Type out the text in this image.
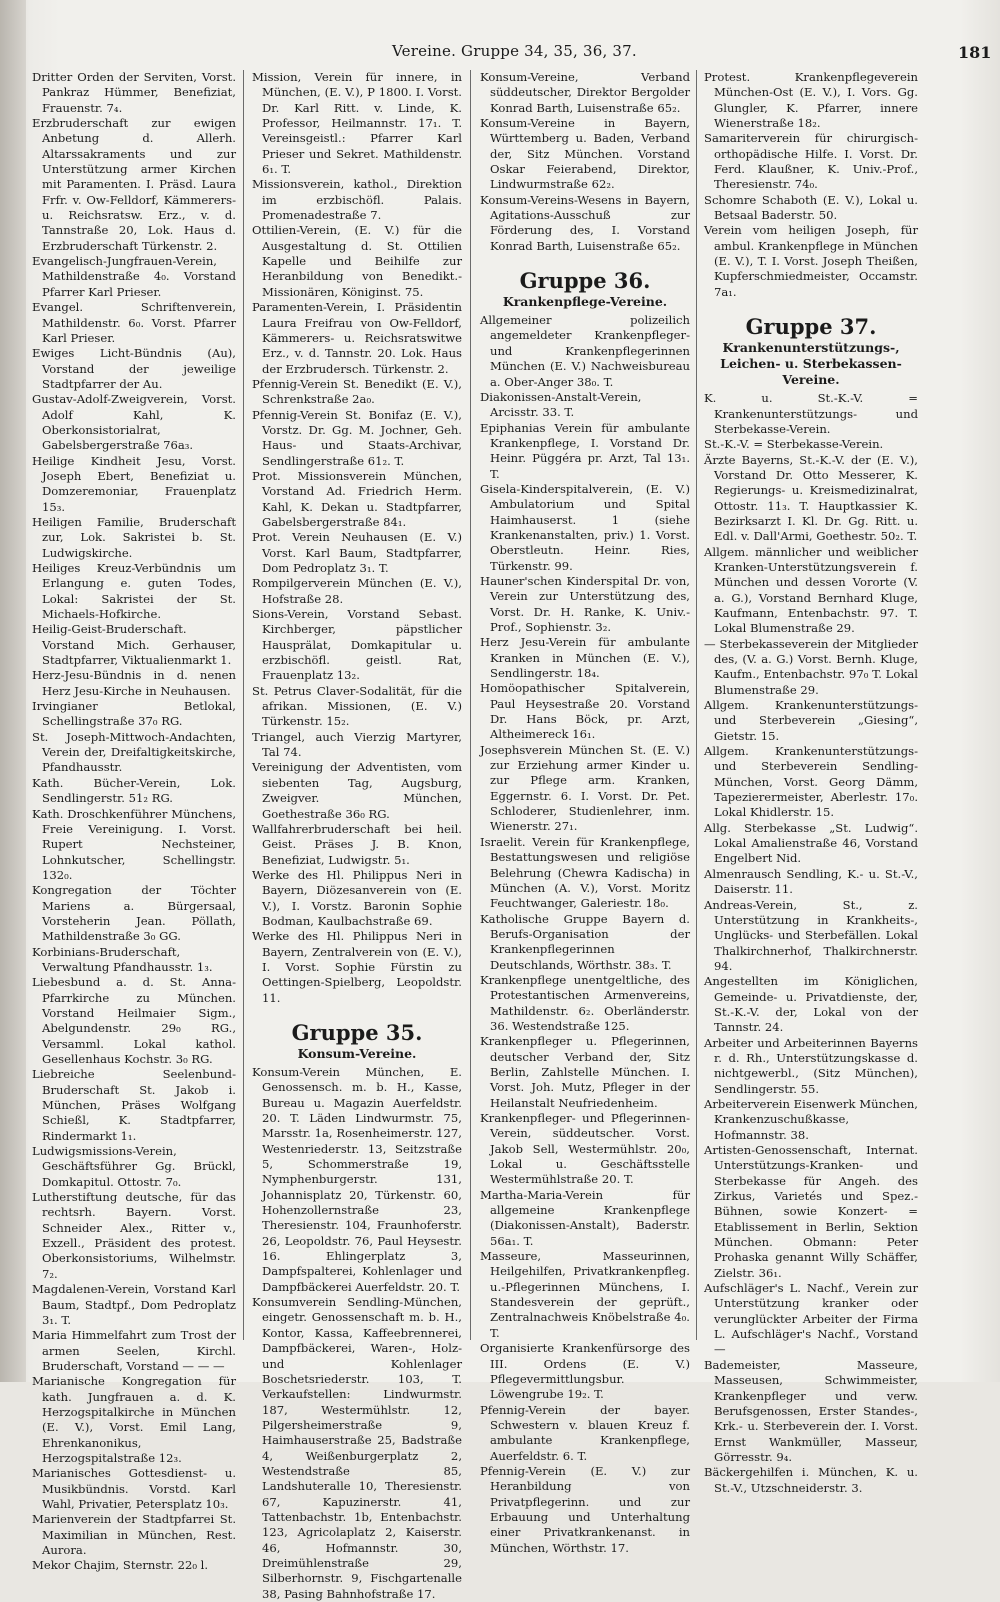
Vereine. Gruppe 34, 35, 36, 37.	181

Dritter Orden der Serviten, Vorst. Pankraz Hümmer, Benefiziat, Frauenstr. 7₄.

Erzbruderschaft zur ewigen Anbetung d. Allerh. Altarssakraments und zur Unterstützung armer Kirchen mit Paramenten. I. Präsd. Laura Frfr. v. Ow-Felldorf, Kämmerers- u. Reichsratsw. Erz., v. d. Tannstraße 20, Lok. Haus d. Erzbruderschaft Türkenstr. 2.

Evangelisch-Jungfrauen-Verein, Mathildenstraße 4₀. Vorstand Pfarrer Karl Prieser.

Evangel. Schriftenverein, Mathildenstr. 6₀. Vorst. Pfarrer Karl Prieser.

Ewiges Licht-Bündnis (Au), Vorstand der jeweilige Stadtpfarrer der Au.

Gustav-Adolf-Zweigverein, Vorst. Adolf Kahl, K. Oberkonsistorialrat, Gabelsbergerstraße 76a₃.

Heilige Kindheit Jesu, Vorst. Joseph Ebert, Benefiziat u. Domzeremoniar, Frauenplatz 15₃.

Heiligen Familie, Bruderschaft zur, Lok. Sakristei b. St. Ludwigskirche.

Heiliges Kreuz-Verbündnis um Erlangung e. guten Todes, Lokal: Sakristei der St. Michaels-Hofkirche.

Heilig-Geist-Bruderschaft. Vorstand Mich. Gerhauser, Stadtpfarrer, Viktualienmarkt 1.

Herz-Jesu-Bündnis in d. nenen Herz Jesu-Kirche in Neuhausen.

Irvingianer Betlokal, Schellingstraße 37₀ RG.

St. Joseph-Mittwoch-Andachten, Verein der, Dreifaltigkeitskirche, Pfandhausstr.

Kath. Bücher-Verein, Lok. Sendlingerstr. 51₂ RG.

Kath. Droschkenführer Münchens, Freie Vereinigung. I. Vorst. Rupert Nechsteiner, Lohnkutscher, Schellingstr. 132₀.

Kongregation der Töchter Mariens a. Bürgersaal, Vorsteherin Jean. Pöllath, Mathildenstraße 3₀ GG.

Korbinians-Bruderschaft, Verwaltung Pfandhausstr. 1₃.

Liebesbund a. d. St. Anna-Pfarrkirche zu München. Vorstand Heilmaier Sigm., Abelgundenstr. 29₀ RG., Versamml. Lokal kathol. Gesellenhaus Kochstr. 3₀ RG.

Liebreiche Seelenbund-Bruderschaft St. Jakob i. München, Präses Wolfgang Schießl, K. Stadtpfarrer, Rindermarkt 1₁.

Ludwigsmissions-Verein, Geschäftsführer Gg. Brückl, Domkapitul. Ottostr. 7₀.

Lutherstiftung deutsche, für das rechtsrh. Bayern. Vorst. Schneider Alex., Ritter v., Exzell., Präsident des protest. Oberkonsistoriums, Wilhelmstr. 7₂.

Magdalenen-Verein, Vorstand Karl Baum, Stadtpf., Dom Pedroplatz 3₁. T.

Maria Himmelfahrt zum Trost der armen Seelen, Kirchl. Bruderschaft, Vorstand — — —

Marianische Kongregation für kath. Jungfrauen a. d. K. Herzogspitalkirche in München (E. V.), Vorst. Emil Lang, Ehrenkanonikus, Herzogspitalstraße 12₃.

Marianisches Gottesdienst- u. Musikbündnis. Vorstd. Karl Wahl, Privatier, Petersplatz 10₃.

Marienverein der Stadtpfarrei St. Maximilian in München, Rest. Aurora.

Mekor Chajim, Sternstr. 22₀ l.

Mission, Verein für innere, in München, (E. V.), P 1800. I. Vorst. Dr. Karl Ritt. v. Linde, K. Professor, Heilmannstr. 17₁. T. Vereinsgeistl.: Pfarrer Karl Prieser und Sekret. Mathildenstr. 6₁. T.

Missionsverein, kathol., Direktion im erzbischöfl. Palais. Promenadestraße 7.

Ottilien-Verein, (E. V.) für die Ausgestaltung d. St. Ottilien Kapelle und Beihilfe zur Heranbildung von Benedikt.-Missionären, Königinst. 75.

Paramenten-Verein, I. Präsidentin Laura Freifrau von Ow-Felldorf, Kämmerers- u. Reichsratswitwe Erz., v. d. Tannstr. 20. Lok. Haus der Erzbrudersch. Türkenstr. 2.

Pfennig-Verein St. Benedikt (E. V.), Schrenkstraße 2a₀.

Pfennig-Verein St. Bonifaz (E. V.), Vorstz. Dr. Gg. M. Jochner, Geh. Haus- und Staats-Archivar, Sendlingerstraße 61₂. T.

Prot. Missionsverein München, Vorstand Ad. Friedrich Herm. Kahl, K. Dekan u. Stadtpfarrer, Gabelsbergerstraße 84₁.

Prot. Verein Neuhausen (E. V.) Vorst. Karl Baum, Stadtpfarrer, Dom Pedroplatz 3₁. T.

Rompilgerverein München (E. V.), Hofstraße 28.

Sions-Verein, Vorstand Sebast. Kirchberger, päpstlicher Hausprälat, Domkapitular u. erzbischöfl. geistl. Rat, Frauenplatz 13₂.

St. Petrus Claver-Sodalität, für die afrikan. Missionen, (E. V.) Türkenstr. 15₂.

Triangel, auch Vierzig Martyrer, Tal 74.

Vereinigung der Adventisten, vom siebenten Tag, Augsburg, Zweigver. München, Goethestraße 36₀ RG.

Wallfahrerbruderschaft bei heil. Geist. Präses J. B. Knon, Benefiziat, Ludwigstr. 5₁.

Werke des Hl. Philippus Neri in Bayern, Diözesanverein von (E. V.), I. Vorstz. Baronin Sophie Bodman, Kaulbachstraße 69.

Werke des Hl. Philippus Neri in Bayern, Zentralverein von (E. V.), I. Vorst. Sophie Fürstin zu Oettingen-Spielberg, Leopoldstr. 11.

Gruppe 35.
Konsum-Vereine.

Konsum-Verein München, E. Genossensch. m. b. H., Kasse, Bureau u. Magazin Auerfeldstr. 20. T. Läden Lindwurmstr. 75, Marsstr. 1a, Rosenheimerstr. 127, Westenriederstr. 13, Seitzstraße 5, Schommerstraße 19, Nymphenburgerstr. 131, Johannisplatz 20, Türkenstr. 60, Hohenzollernstraße 23, Theresienstr. 104, Fraunhoferstr. 26, Leopoldstr. 76, Paul Heysestr. 16. Ehlingerplatz 3, Dampfspalterei, Kohlenlager und Dampfbäckerei Auerfeldstr. 20. T.

Konsumverein Sendling-München, eingetr. Genossenschaft m. b. H., Kontor, Kassa, Kaffeebrennerei, Dampfbäckerei, Waren-, Holz- und Kohlenlager Boschetsriederstr. 103, T. Verkaufstellen: Lindwurmstr. 187, Westermühlstr. 12, Pilgersheimerstraße 9, Haimhauserstraße 25, Badstraße 4, Weißenburgerplatz 2, Westendstraße 85, Landshuteralle 10, Theresienstr. 67, Kapuzinerstr. 41, Tattenbachstr. 1b, Entenbachstr. 123, Agricolaplatz 2, Kaiserstr. 46, Hofmannstr. 30, Dreimühlenstraße 29, Silberhornstr. 9, Fischgartenalle 38, Pasing Bahnhofstraße 17.

Konsum-Vereine, Verband süddeutscher, Direktor Bergolder Konrad Barth, Luisenstraße 65₂.

Konsum-Vereine in Bayern, Württemberg u. Baden, Verband der, Sitz München. Vorstand Oskar Feierabend, Direktor, Lindwurmstraße 62₂.

Konsum-Vereins-Wesens in Bayern, Agitations-Ausschuß zur Förderung des, I. Vorstand Konrad Barth, Luisenstraße 65₂.

Gruppe 36.
Krankenpflege-Vereine.

Allgemeiner polizeilich angemeldeter Krankenpfleger- und Krankenpflegerinnen München (E. V.) Nachweisbureau a. Ober-Anger 38₀. T.

Diakonissen-Anstalt-Verein, Arcisstr. 33. T.

Epiphanias Verein für ambulante Krankenpflege, I. Vorstand Dr. Heinr. Püggéra pr. Arzt, Tal 13₁. T.

Gisela-Kinderspitalverein, (E. V.) Ambulatorium und Spital Haimhauserst. 1 (siehe Krankenanstalten, priv.) 1. Vorst. Oberstleutn. Heinr. Ries, Türkenstr. 99.

Hauner'schen Kinderspital Dr. von, Verein zur Unterstützung des, Vorst. Dr. H. Ranke, K. Univ.-Prof., Sophienstr. 3₂.

Herz Jesu-Verein für ambulante Kranken in München (E. V.), Sendlingerstr. 18₄.

Homöopathischer Spitalverein, Paul Heysestraße 20. Vorstand Dr. Hans Böck, pr. Arzt, Altheimereck 16₁.

Josephsverein München St. (E. V.) zur Erziehung armer Kinder u. zur Pflege arm. Kranken, Eggernstr. 6. I. Vorst. Dr. Pet. Schloderer, Studienlehrer, inm. Wienerstr. 27₁.

Israelit. Verein für Krankenpflege, Bestattungswesen und religiöse Belehrung (Chewra Kadischa) in München (A. V.), Vorst. Moritz Feuchtwanger, Galeriestr. 18₀.

Katholische Gruppe Bayern d. Berufs-Organisation der Krankenpflegerinnen Deutschlands, Wörthstr. 38₃. T.

Krankenpflege unentgeltliche, des Protestantischen Armenvereins, Mathildenstr. 6₂. Oberländerstr. 36. Westendstraße 125.

Krankenpfleger u. Pflegerinnen, deutscher Verband der, Sitz Berlin, Zahlstelle München. I. Vorst. Joh. Mutz, Pfleger in der Heilanstalt Neufriedenheim.

Krankenpfleger- und Pflegerinnen-Verein, süddeutscher. Vorst. Jakob Sell, Westermühlstr. 20₀, Lokal u. Geschäftsstelle Westermühlstraße 20. T.

Martha-Maria-Verein für allgemeine Krankenpflege (Diakonissen-Anstalt), Baderstr. 56a₁. T.

Masseure, Masseurinnen, Heilgehilfen, Privatkrankenpfleg. u.-Pflegerinnen Münchens, I. Standesverein der geprüft., Zentralnachweis Knöbelstraße 4₀. T.

Organisierte Krankenfürsorge des III. Ordens (E. V.) Pflegevermittlungsbur. Löwengrube 19₂. T.

Pfennig-Verein der bayer. Schwestern v. blauen Kreuz f. ambulante Krankenpflege, Auerfeldstr. 6. T.

Pfennig-Verein (E. V.) zur Heranbildung von Privatpflegerinn. und zur Erbauung und Unterhaltung einer Privatkrankenanst. in München, Wörthstr. 17.

Protest. Krankenpflegeverein München-Ost (E. V.), I. Vors. Gg. Glungler, K. Pfarrer, innere Wienerstraße 18₂.

Samariterverein für chirurgisch-orthopädische Hilfe. I. Vorst. Dr. Ferd. Klaußner, K. Univ.-Prof., Theresienstr. 74₀.

Schomre Schaboth (E. V.), Lokal u. Betsaal Baderstr. 50.

Verein vom heiligen Joseph, für ambul. Krankenpflege in München (E. V.), T. I. Vorst. Joseph Theißen, Kupferschmiedmeister, Occamstr. 7a₁.

Gruppe 37.
Krankenunterstützungs-, Leichen- u. Sterbekassen-Vereine.

K. u. St.-K.-V. = Krankenunterstützungs- und Sterbekasse-Verein.

St.-K.-V. = Sterbekasse-Verein.

Ärzte Bayerns, St.-K.-V. der (E. V.), Vorstand Dr. Otto Messerer, K. Regierungs- u. Kreismedizinalrat, Ottostr. 11₃. T. Hauptkassier K. Bezirksarzt I. Kl. Dr. Gg. Ritt. u. Edl. v. Dall'Armi, Goethestr. 50₂. T.

Allgem. männlicher und weiblicher Kranken-Unterstützungsverein f. München und dessen Vororte (V. a. G.), Vorstand Bernhard Kluge, Kaufmann, Entenbachstr. 97. T. Lokal Blumenstraße 29.

— Sterbekasseverein der Mitglieder des, (V. a. G.) Vorst. Bernh. Kluge, Kaufm., Entenbachstr. 97₀ T. Lokal Blumenstraße 29.

Allgem. Krankenunterstützungs- und Sterbeverein „Giesing“, Gietstr. 15.

Allgem. Krankenunterstützungs- und Sterbeverein Sendling-München, Vorst. Georg Dämm, Tapezierermeister, Aberlestr. 17₀. Lokal Khidlerstr. 15.

Allg. Sterbekasse „St. Ludwig“. Lokal Amalienstraße 46, Vorstand Engelbert Nid.

Almenrausch Sendling, K.- u. St.-V., Daiserstr. 11.

Andreas-Verein, St., z. Unterstützung in Krankheits-, Unglücks- und Sterbefällen. Lokal Thalkirchnerhof, Thalkirchnerstr. 94.

Angestellten im Königlichen, Gemeinde- u. Privatdienste, der, St.-K.-V. der, Lokal von der Tannstr. 24.

Arbeiter und Arbeiterinnen Bayerns r. d. Rh., Unterstützungskasse d. nichtgewerbl., (Sitz München), Sendlingerstr. 55.

Arbeiterverein Eisenwerk München, Krankenzuschußkasse, Hofmannstr. 38.

Artisten-Genossenschaft, Internat. Unterstützungs-Kranken- und Sterbekasse für Angeh. des Zirkus, Varietés und Spez.-Bühnen, sowie Konzert- = Etablissement in Berlin, Sektion München. Obmann: Peter Prohaska genannt Willy Schäffer, Zielstr. 36₁.

Aufschläger's L. Nachf., Verein zur Unterstützung kranker oder verunglückter Arbeiter der Firma L. Aufschläger's Nachf., Vorstand —

Bademeister, Masseure, Masseusen, Schwimmeister, Krankenpfleger und verw. Berufsgenossen, Erster Standes-, Krk.- u. Sterbeverein der. I. Vorst. Ernst Wankmüller, Masseur, Görresstr. 9₄.

Bäckergehilfen i. München, K. u. St.-V., Utzschneiderstr. 3.
